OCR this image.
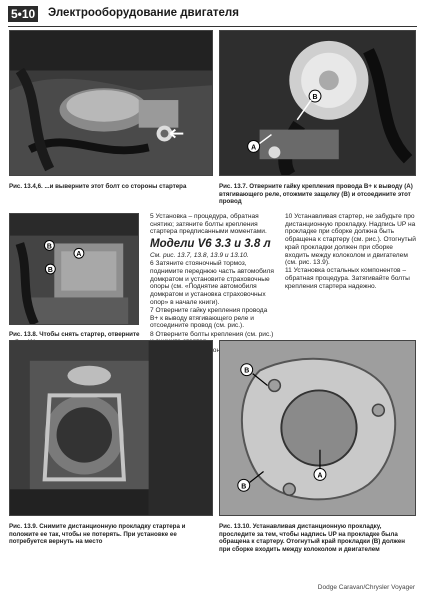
5•10 Электрооборудование двигателя
Рис. 13.4,6. ...и выверните этот болт со стороны стартера
A
B
Рис. 13.7. Отверните гайку крепления провода B+ к выводу (A) втягивающего реле, отожмите защелку (B) и отсоедините этот провод
B
A
B
Рис. 13.8. Чтобы снять стартер, отверните

5 Установка – процедура, обратная снятию; затяните болты крепления стартера предписанными моментами.

Модели V6 3.3 и 3.8 л

См. рис. 13.7, 13.8, 13.9 и 13.10.

6 Затяните стояночный тормоз, поднимите переднюю часть автомобиля домкратом и установите страховочные опоры (см. «Поднятие автомобиля домкратом и установка страховочных опор» в начале книги).

7 Отверните гайку крепления провода B+ к выводу втягивающего реле и отсоедините провод (см. рис.).

8 Отверните болты крепления (см. рис.)

10 Устанавливая стартер, не забудьте про дистанционную прокладку. Надпись UP на прокладке при сборке должна быть обращена к стартеру (см. рис.). Отогнутый край прокладки должен при сборке входить между колоколом и двигателем (см. рис. 13.9).

11 Установка остальных компонентов – обратная процедура. Затягивайте болты крепления стартера надежно.

Рис. 13.9. Снимите дистанционную прокладку стартера и положите ее так, чтобы не потерять. При установке ее потребуется вернуть на место
B
A
B
Рис. 13.10. Устанавливая дистанционную прокладку, проследите за тем, чтобы надпись UP на прокладке была обращена к стартеру. Отогнутый край прокладки (B) должен при сборке входить между колоколом и двигателем
Dodge Caravan/Chrysler Voyager
